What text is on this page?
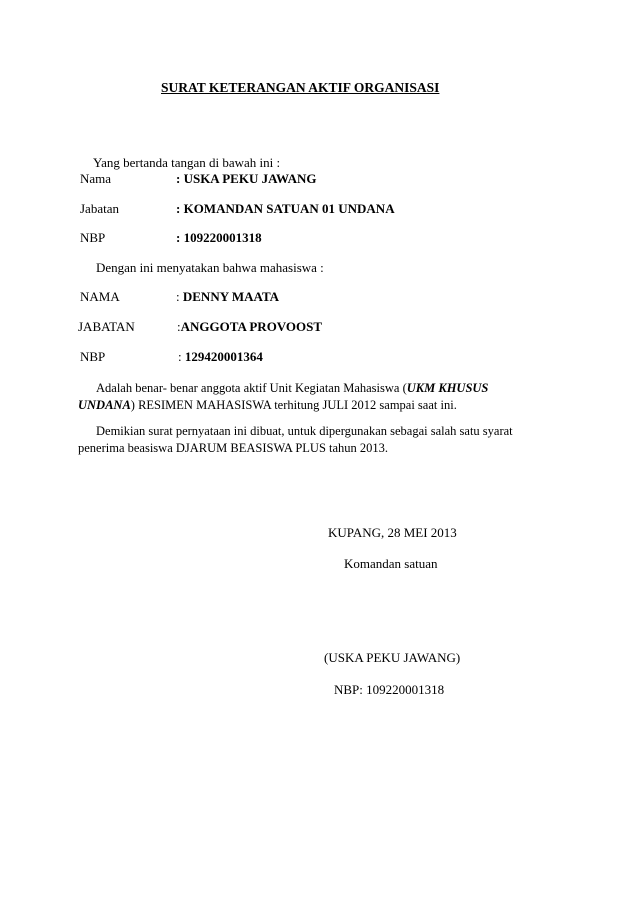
SURAT KETERANGAN AKTIF ORGANISASI
Yang bertanda tangan di bawah ini :
Nama	: USKA PEKU JAWANG
Jabatan	: KOMANDAN SATUAN 01 UNDANA
NBP	: 109220001318
Dengan ini menyatakan bahwa mahasiswa :
NAMA	: DENNY MAATA
JABATAN	:ANGGOTA PROVOOST
NBP	: 129420001364
Adalah benar- benar anggota aktif Unit Kegiatan Mahasiswa (UKM KHUSUS
UNDANA) RESIMEN MAHASISWA terhitung JULI 2012 sampai saat ini.
Demikian surat pernyataan ini dibuat, untuk dipergunakan sebagai salah satu syarat
penerima beasiswa DJARUM BEASISWA PLUS tahun 2013.
KUPANG, 28 MEI 2013
Komandan satuan
(USKA PEKU JAWANG)
NBP: 109220001318
